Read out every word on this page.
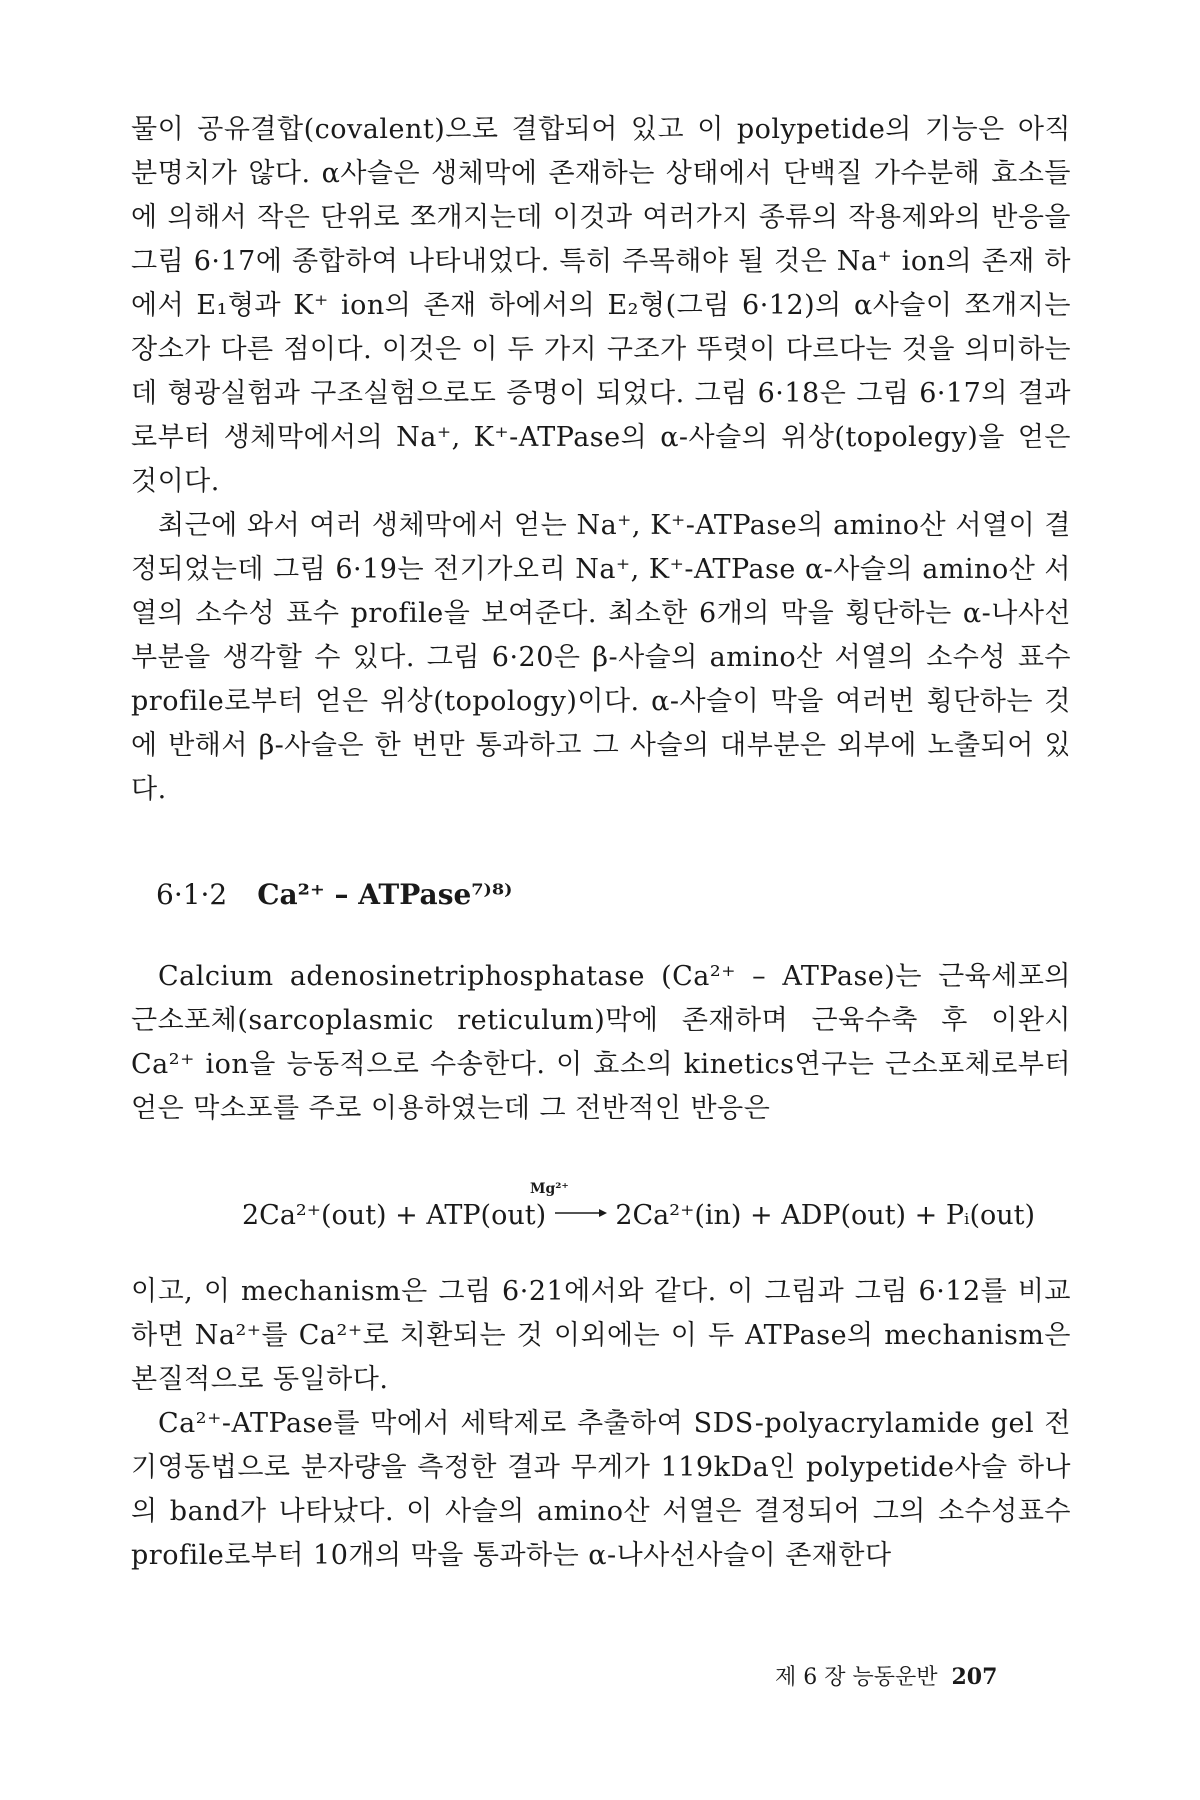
물이 공유결합(covalent)으로 결합되어 있고 이 polypetide의 기능은 아직 분명치가 않다. α사슬은 생체막에 존재하는 상태에서 단백질 가수분해 효소들에 의해서 작은 단위로 쪼개지는데 이것과 여러가지 종류의 작용제와의 반응을 그림 6·17에 종합하여 나타내었다. 특히 주목해야 될 것은 Na⁺ ion의 존재 하에서 E₁형과 K⁺ ion의 존재 하에서의 E₂형(그림 6·12)의 α사슬이 쪼개지는 장소가 다른 점이다. 이것은 이 두 가지 구조가 뚜렷이 다르다는 것을 의미하는데 형광실험과 구조실험으로도 증명이 되었다. 그림 6·18은 그림 6·17의 결과로부터 생체막에서의 Na⁺, K⁺-ATPase의 α-사슬의 위상(topolegy)을 얻은 것이다.

최근에 와서 여러 생체막에서 얻는 Na⁺, K⁺-ATPase의 amino산 서열이 결정되었는데 그림 6·19는 전기가오리 Na⁺, K⁺-ATPase α-사슬의 amino산 서열의 소수성 표수 profile을 보여준다. 최소한 6개의 막을 횡단하는 α-나사선 부분을 생각할 수 있다. 그림 6·20은 β-사슬의 amino산 서열의 소수성 표수 profile로부터 얻은 위상(topology)이다. α-사슬이 막을 여러번 횡단하는 것에 반해서 β-사슬은 한 번만 통과하고 그 사슬의 대부분은 외부에 노출되어 있다.

6·1·2 Ca²⁺ – ATPase⁷⁾⁸⁾

Calcium adenosinetriphosphatase (Ca²⁺ – ATPase)는 근육세포의 근소포체(sarcoplasmic reticulum)막에 존재하며 근육수축 후 이완시 Ca²⁺ ion을 능동적으로 수송한다. 이 효소의 kinetics연구는 근소포체로부터 얻은 막소포를 주로 이용하였는데 그 전반적인 반응은

Mg²⁺
2Ca²⁺(out) + ATP(out) → 2Ca²⁺(in) + ADP(out) + Pᵢ(out)

이고, 이 mechanism은 그림 6·21에서와 같다. 이 그림과 그림 6·12를 비교하면 Na²⁺를 Ca²⁺로 치환되는 것 이외에는 이 두 ATPase의 mechanism은 본질적으로 동일하다.

Ca²⁺-ATPase를 막에서 세탁제로 추출하여 SDS-polyacrylamide gel 전기영동법으로 분자량을 측정한 결과 무게가 119kDa인 polypetide사슬 하나의 band가 나타났다. 이 사슬의 amino산 서열은 결정되어 그의 소수성표수 profile로부터 10개의 막을 통과하는 α-나사선사슬이 존재한다

제 6 장 능동운반 207
